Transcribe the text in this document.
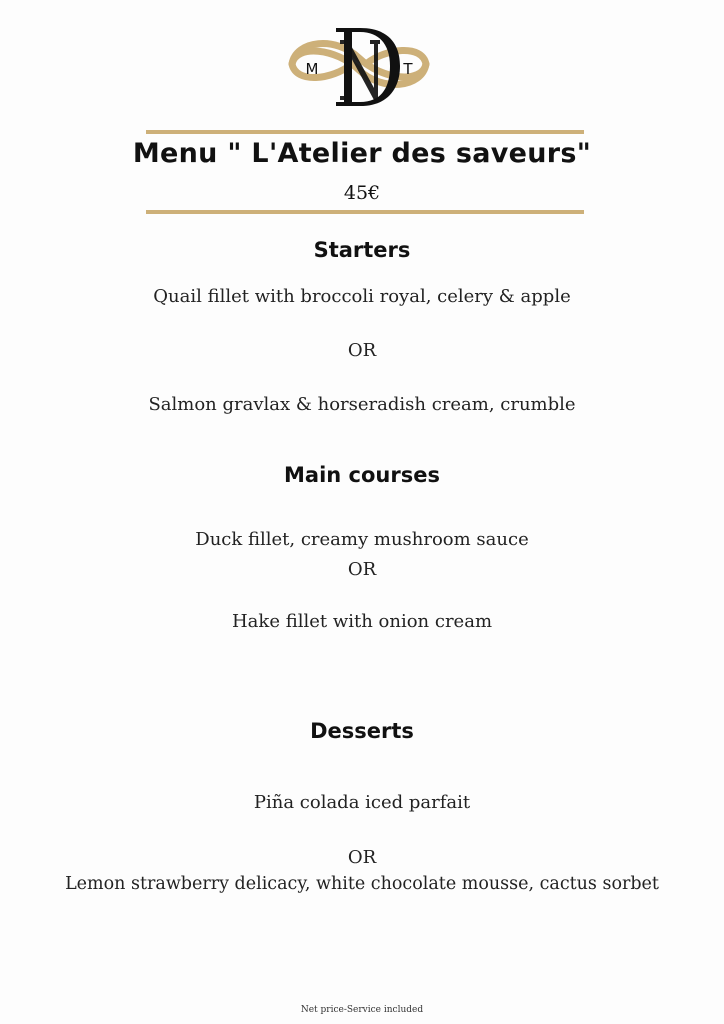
M	T
Menu " L'Atelier des saveurs"
45€
Starters
Quail fillet with broccoli royal, celery & apple
OR
Salmon gravlax & horseradish cream, crumble
Main courses
Duck fillet, creamy mushroom sauce
OR
Hake fillet with onion cream
Desserts
Piña colada iced parfait
OR
Lemon strawberry delicacy, white chocolate mousse, cactus sorbet
Net price-Service included
